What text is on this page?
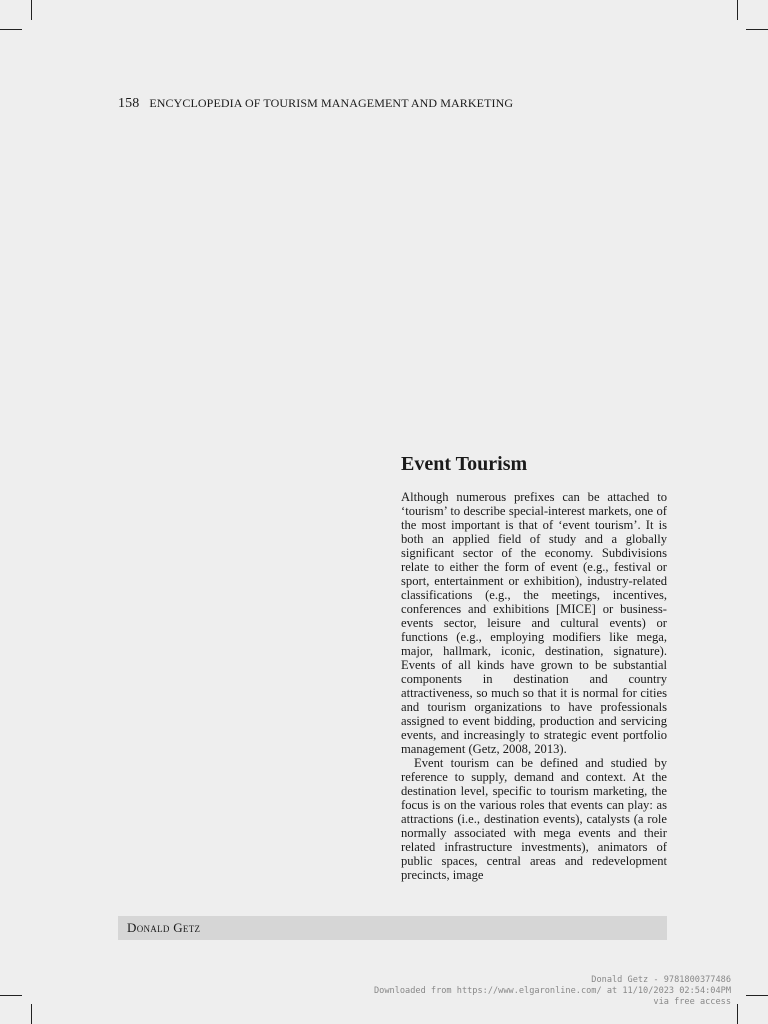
158 ENCYCLOPEDIA OF TOURISM MANAGEMENT AND MARKETING
Event Tourism

Although numerous prefixes can be attached to ‘tourism’ to describe special-interest markets, one of the most important is that of ‘event tourism’. It is both an applied field of study and a globally significant sector of the economy. Subdivisions relate to either the form of event (e.g., festival or sport, entertainment or exhibition), industry-related classifications (e.g., the meetings, incentives, conferences and exhibitions [MICE] or business-events sector, leisure and cultural events) or functions (e.g., employing modifiers like mega, major, hallmark, iconic, destination, signature). Events of all kinds have grown to be substantial components in destination and country attractiveness, so much so that it is normal for cities and tourism organizations to have professionals assigned to event bidding, production and servicing events, and increasingly to strategic event portfolio management (Getz, 2008, 2013).

Event tourism can be defined and studied by reference to supply, demand and context. At the destination level, specific to tourism marketing, the focus is on the various roles that events can play: as attractions (i.e., destination events), catalysts (a role normally associated with mega events and their related infrastructure investments), animators of public spaces, central areas and redevelopment precincts, image

Donald Getz
Donald Getz - 9781800377486
Downloaded from https://www.elgaronline.com/ at 11/10/2023 02:54:04PM
via free access
